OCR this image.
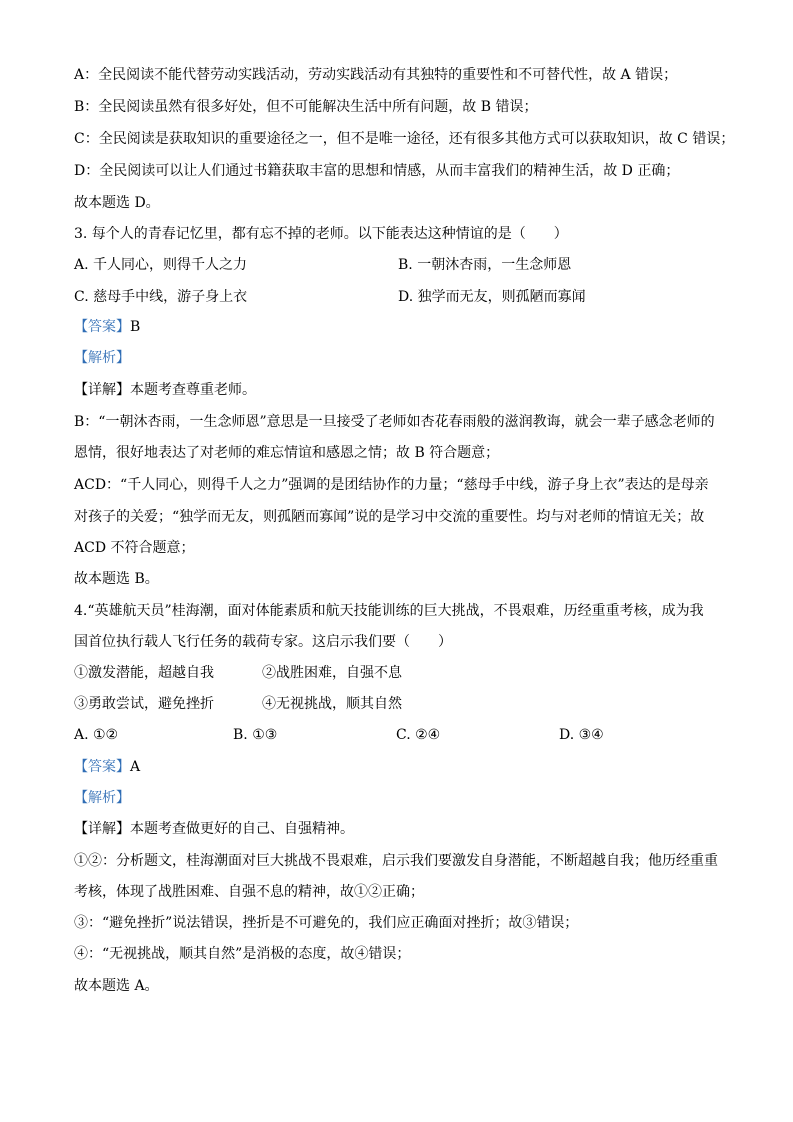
A：全民阅读不能代替劳动实践活动，劳动实践活动有其独特的重要性和不可替代性，故 A 错误；
B：全民阅读虽然有很多好处，但不可能解决生活中所有问题，故 B 错误；
C：全民阅读是获取知识的重要途径之一，但不是唯一途径，还有很多其他方式可以获取知识，故 C 错误；
D：全民阅读可以让人们通过书籍获取丰富的思想和情感，从而丰富我们的精神生活，故 D 正确；
故本题选 D。
3. 每个人的青春记忆里，都有忘不掉的老师。以下能表达这种情谊的是（　　）
A. 千人同心，则得千人之力	B. 一朝沐杏雨，一生念师恩
C. 慈母手中线，游子身上衣	D. 独学而无友，则孤陋而寡闻
【答案】B
【解析】
【详解】本题考查尊重老师。
B：“一朝沐杏雨，一生念师恩”意思是一旦接受了老师如杏花春雨般的滋润教诲，就会一辈子感念老师的
恩情，很好地表达了对老师的难忘情谊和感恩之情；故 B 符合题意；
ACD：“千人同心，则得千人之力”强调的是团结协作的力量；“慈母手中线，游子身上衣”表达的是母亲
对孩子的关爱；“独学而无友，则孤陋而寡闻”说的是学习中交流的重要性。均与对老师的情谊无关；故
ACD 不符合题意；
故本题选 B。
4.“英雄航天员”桂海潮，面对体能素质和航天技能训练的巨大挑战，不畏艰难，历经重重考核，成为我
国首位执行载人飞行任务的载荷专家。这启示我们要（　　）
①激发潜能，超越自我	②战胜困难，自强不息
③勇敢尝试，避免挫折	④无视挑战，顺其自然
A. ①②	B. ①③	C. ②④	D. ③④
【答案】A
【解析】
【详解】本题考查做更好的自己、自强精神。
①②：分析题文，桂海潮面对巨大挑战不畏艰难，启示我们要激发自身潜能，不断超越自我；他历经重重
考核，体现了战胜困难、自强不息的精神，故①②正确；
③：“避免挫折”说法错误，挫折是不可避免的，我们应正确面对挫折；故③错误；
④：“无视挑战，顺其自然”是消极的态度，故④错误；
故本题选 A。
